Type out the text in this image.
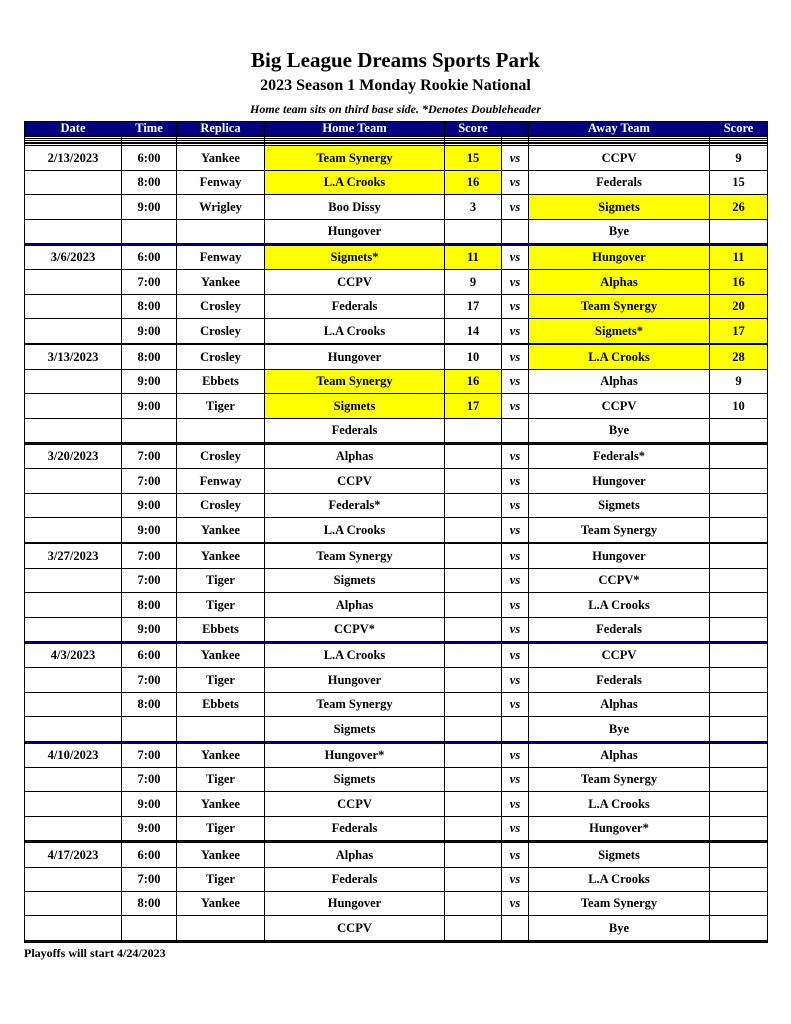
Big League Dreams Sports Park
2023 Season 1 Monday Rookie National
Home team sits on third base side. *Denotes Doubleheader
Date	Time	Replica	Home Team	Score		Away Team	Score

2/13/2023	6:00	Yankee	Team Synergy	15	vs	CCPV	9
	8:00	Fenway	L.A Crooks	16	vs	Federals	15
	9:00	Wrigley	Boo Dissy	3	vs	Sigmets	26
			Hungover			Bye	

3/6/2023	6:00	Fenway	Sigmets*	11	vs	Hungover	11
	7:00	Yankee	CCPV	9	vs	Alphas	16
	8:00	Crosley	Federals	17	vs	Team Synergy	20
	9:00	Crosley	L.A Crooks	14	vs	Sigmets*	17

3/13/2023	8:00	Crosley	Hungover	10	vs	L.A Crooks	28
	9:00	Ebbets	Team Synergy	16	vs	Alphas	9
	9:00	Tiger	Sigmets	17	vs	CCPV	10
			Federals			Bye	

3/20/2023	7:00	Crosley	Alphas		vs	Federals*	
	7:00	Fenway	CCPV		vs	Hungover	
	9:00	Crosley	Federals*		vs	Sigmets	
	9:00	Yankee	L.A Crooks		vs	Team Synergy	

3/27/2023	7:00	Yankee	Team Synergy		vs	Hungover	
	7:00	Tiger	Sigmets		vs	CCPV*	
	8:00	Tiger	Alphas		vs	L.A Crooks	
	9:00	Ebbets	CCPV*		vs	Federals	

4/3/2023	6:00	Yankee	L.A Crooks		vs	CCPV	
	7:00	Tiger	Hungover		vs	Federals	
	8:00	Ebbets	Team Synergy		vs	Alphas	
			Sigmets			Bye	

4/10/2023	7:00	Yankee	Hungover*		vs	Alphas	
	7:00	Tiger	Sigmets		vs	Team Synergy	
	9:00	Yankee	CCPV		vs	L.A Crooks	
	9:00	Tiger	Federals		vs	Hungover*	

4/17/2023	6:00	Yankee	Alphas		vs	Sigmets	
	7:00	Tiger	Federals		vs	L.A Crooks	
	8:00	Yankee	Hungover		vs	Team Synergy	
			CCPV			Bye	

Playoffs will start 4/24/2023
